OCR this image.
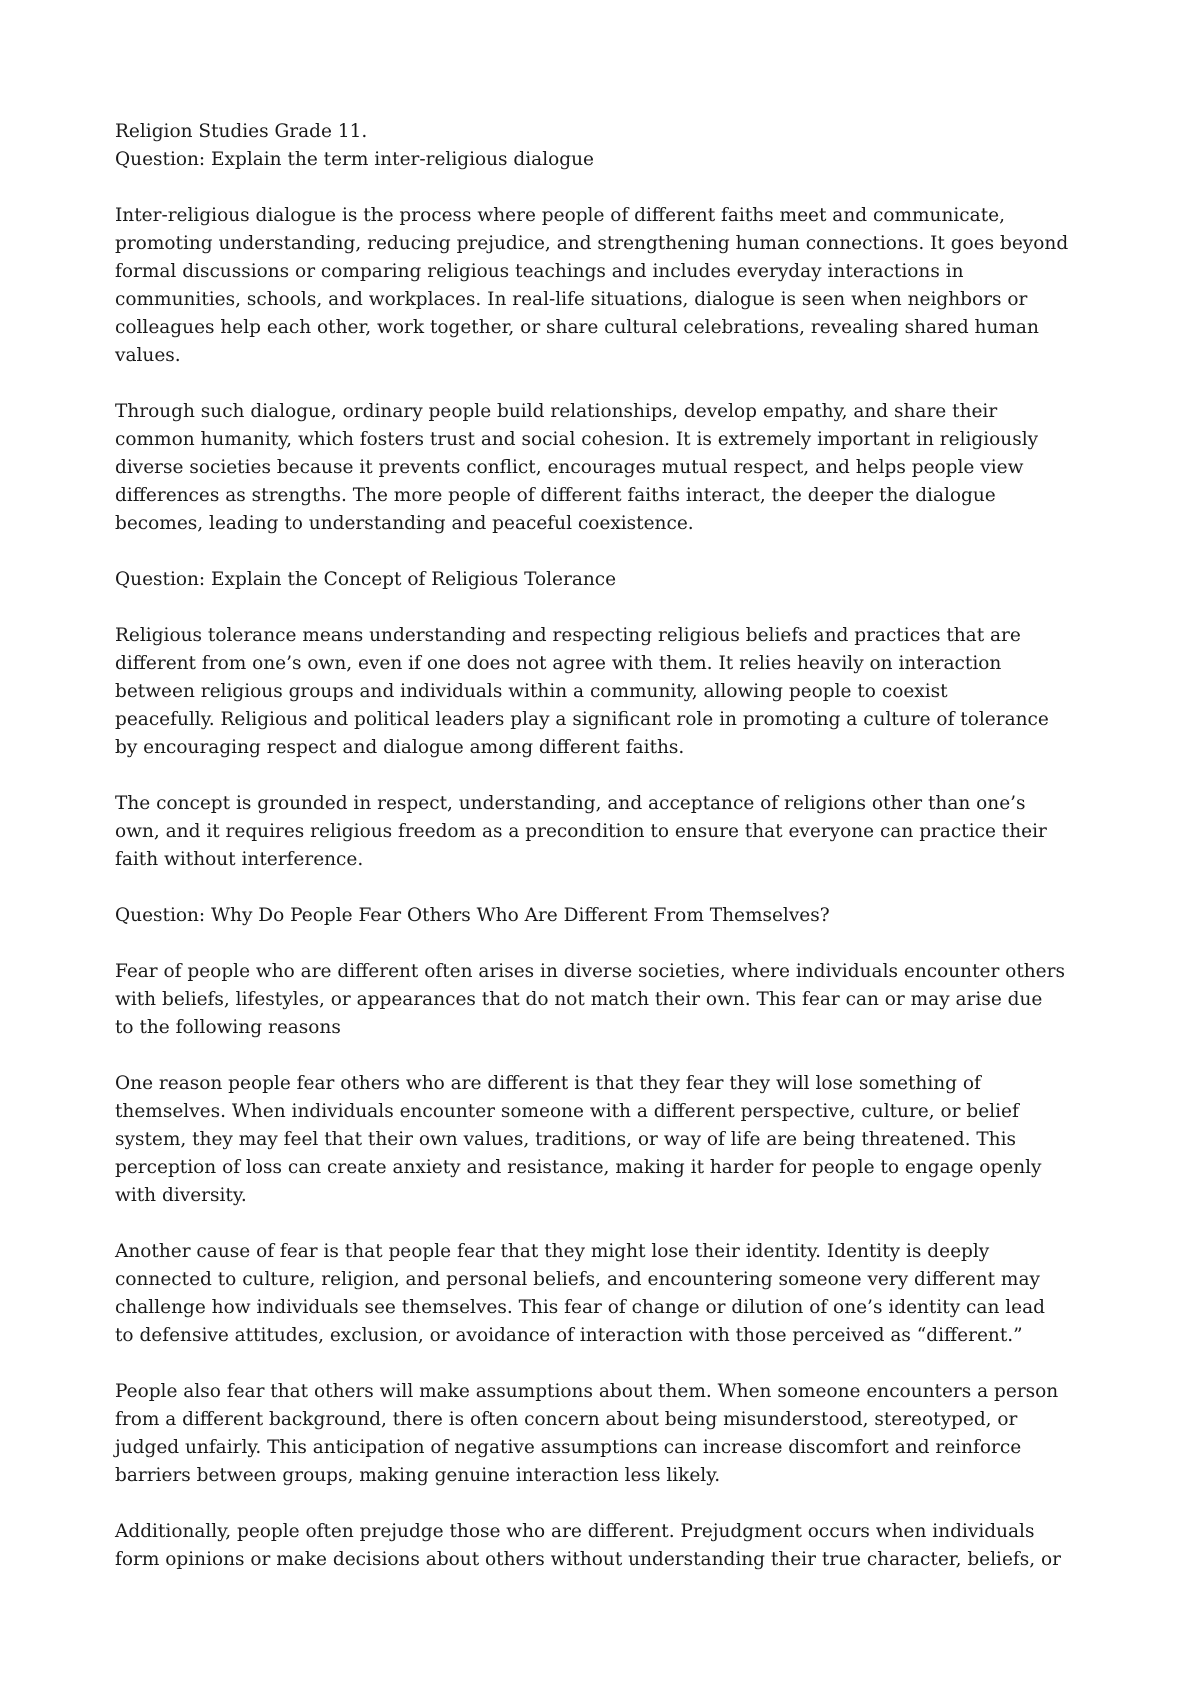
Religion Studies Grade 11.
Question: Explain the term inter-religious dialogue
Inter-religious dialogue is the process where people of different faiths meet and communicate,
promoting understanding, reducing prejudice, and strengthening human connections. It goes beyond
formal discussions or comparing religious teachings and includes everyday interactions in
communities, schools, and workplaces. In real-life situations, dialogue is seen when neighbors or
colleagues help each other, work together, or share cultural celebrations, revealing shared human
values.
Through such dialogue, ordinary people build relationships, develop empathy, and share their
common humanity, which fosters trust and social cohesion. It is extremely important in religiously
diverse societies because it prevents conflict, encourages mutual respect, and helps people view
differences as strengths. The more people of different faiths interact, the deeper the dialogue
becomes, leading to understanding and peaceful coexistence.
Question: Explain the Concept of Religious Tolerance
Religious tolerance means understanding and respecting religious beliefs and practices that are
different from one’s own, even if one does not agree with them. It relies heavily on interaction
between religious groups and individuals within a community, allowing people to coexist
peacefully. Religious and political leaders play a significant role in promoting a culture of tolerance
by encouraging respect and dialogue among different faiths.
The concept is grounded in respect, understanding, and acceptance of religions other than one’s
own, and it requires religious freedom as a precondition to ensure that everyone can practice their
faith without interference.
Question: Why Do People Fear Others Who Are Different From Themselves?
Fear of people who are different often arises in diverse societies, where individuals encounter others
with beliefs, lifestyles, or appearances that do not match their own. This fear can or may arise due
to the following reasons
One reason people fear others who are different is that they fear they will lose something of
themselves. When individuals encounter someone with a different perspective, culture, or belief
system, they may feel that their own values, traditions, or way of life are being threatened. This
perception of loss can create anxiety and resistance, making it harder for people to engage openly
with diversity.
Another cause of fear is that people fear that they might lose their identity. Identity is deeply
connected to culture, religion, and personal beliefs, and encountering someone very different may
challenge how individuals see themselves. This fear of change or dilution of one’s identity can lead
to defensive attitudes, exclusion, or avoidance of interaction with those perceived as “different.”
People also fear that others will make assumptions about them. When someone encounters a person
from a different background, there is often concern about being misunderstood, stereotyped, or
judged unfairly. This anticipation of negative assumptions can increase discomfort and reinforce
barriers between groups, making genuine interaction less likely.
Additionally, people often prejudge those who are different. Prejudgment occurs when individuals
form opinions or make decisions about others without understanding their true character, beliefs, or
